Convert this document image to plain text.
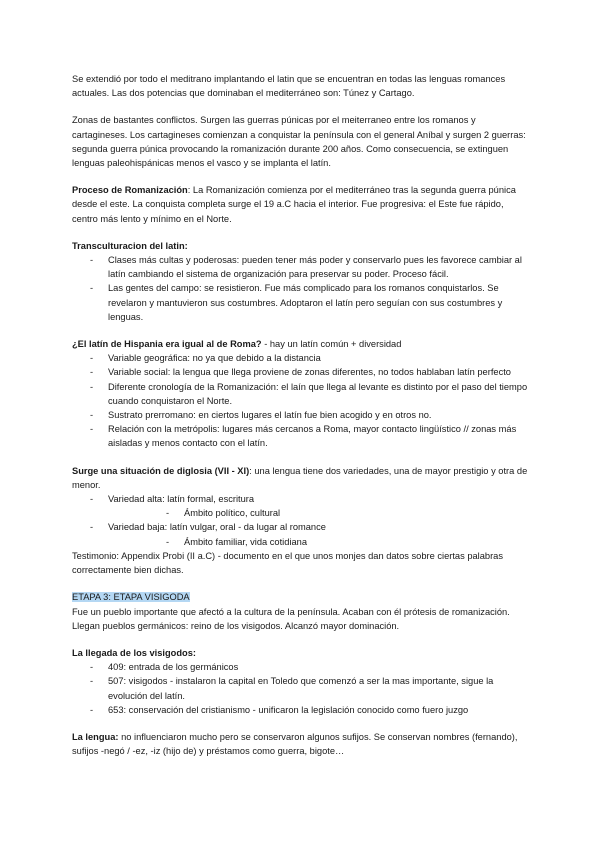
Se extendió por todo el meditrano implantando el latin que se encuentran en todas las lenguas romances actuales. Las dos potencias que dominaban el mediterráneo son: Túnez y Cartago.

Zonas de bastantes conflictos. Surgen las guerras púnicas por el meiterraneo entre los romanos y cartagineses. Los cartagineses comienzan a conquistar la península con el general Aníbal y surgen 2 guerras: segunda guerra púnica provocando la romanización durante 200 años. Como consecuencia, se extinguen lenguas paleohispánicas menos el vasco y se implanta el latín.

Proceso de Romanización: La Romanización comienza por el mediterráneo tras la segunda guerra púnica desde el este. La conquista completa surge el 19 a.C hacia el interior. Fue progresiva: el Este fue rápido, centro más lento y mínimo en el Norte.

Transculturacion del latin:

- Clases más cultas y poderosas: pueden tener más poder y conservarlo pues les favorece cambiar al latín cambiando el sistema de organización para preservar su poder. Proceso fácil.
- Las gentes del campo: se resistieron. Fue más complicado para los romanos conquistarlos. Se revelaron y mantuvieron sus costumbres. Adoptaron el latín pero seguían con sus costumbres y lenguas.

¿El latín de Hispania era igual al de Roma? - hay un latín común + diversidad

- Variable geográfica: no ya que debido a la distancia
- Variable social: la lengua que llega proviene de zonas diferentes, no todos hablaban latín perfecto
- Diferente cronología de la Romanización: el laín que llega al levante es distinto por el paso del tiempo cuando conquistaron el Norte.
- Sustrato prerromano: en ciertos lugares el latín fue bien acogido y en otros no.
- Relación con la metrópolis: lugares más cercanos a Roma, mayor contacto lingüístico // zonas más aisladas y menos contacto con el latín.

Surge una situación de diglosia (VII - XI): una lengua tiene dos variedades, una de mayor prestigio y otra de menor.

- Variedad alta: latín formal, escritura
- Ámbito político, cultural
- Variedad baja: latín vulgar, oral - da lugar al romance
- Ámbito familiar, vida cotidiana

Testimonio: Appendix Probi (II a.C) - documento en el que unos monjes dan datos sobre ciertas palabras correctamente bien dichas.

ETAPA 3: ETAPA VISIGODA

Fue un pueblo importante que afectó a la cultura de la península. Acaban con él prótesis de romanización. Llegan pueblos germánicos: reino de los visigodos. Alcanzó mayor dominación.

La llegada de los visigodos:

- 409: entrada de los germánicos
- 507: visigodos - instalaron la capital en Toledo que comenzó a ser la mas importante, sigue la evolución del latín.
- 653: conservación del cristianismo - unificaron la legislación conocido como fuero juzgo

La lengua: no influenciaron mucho pero se conservaron algunos sufijos. Se conservan nombres (fernando), sufijos -negó / -ez, -iz (hijo de) y préstamos como guerra, bigote…
